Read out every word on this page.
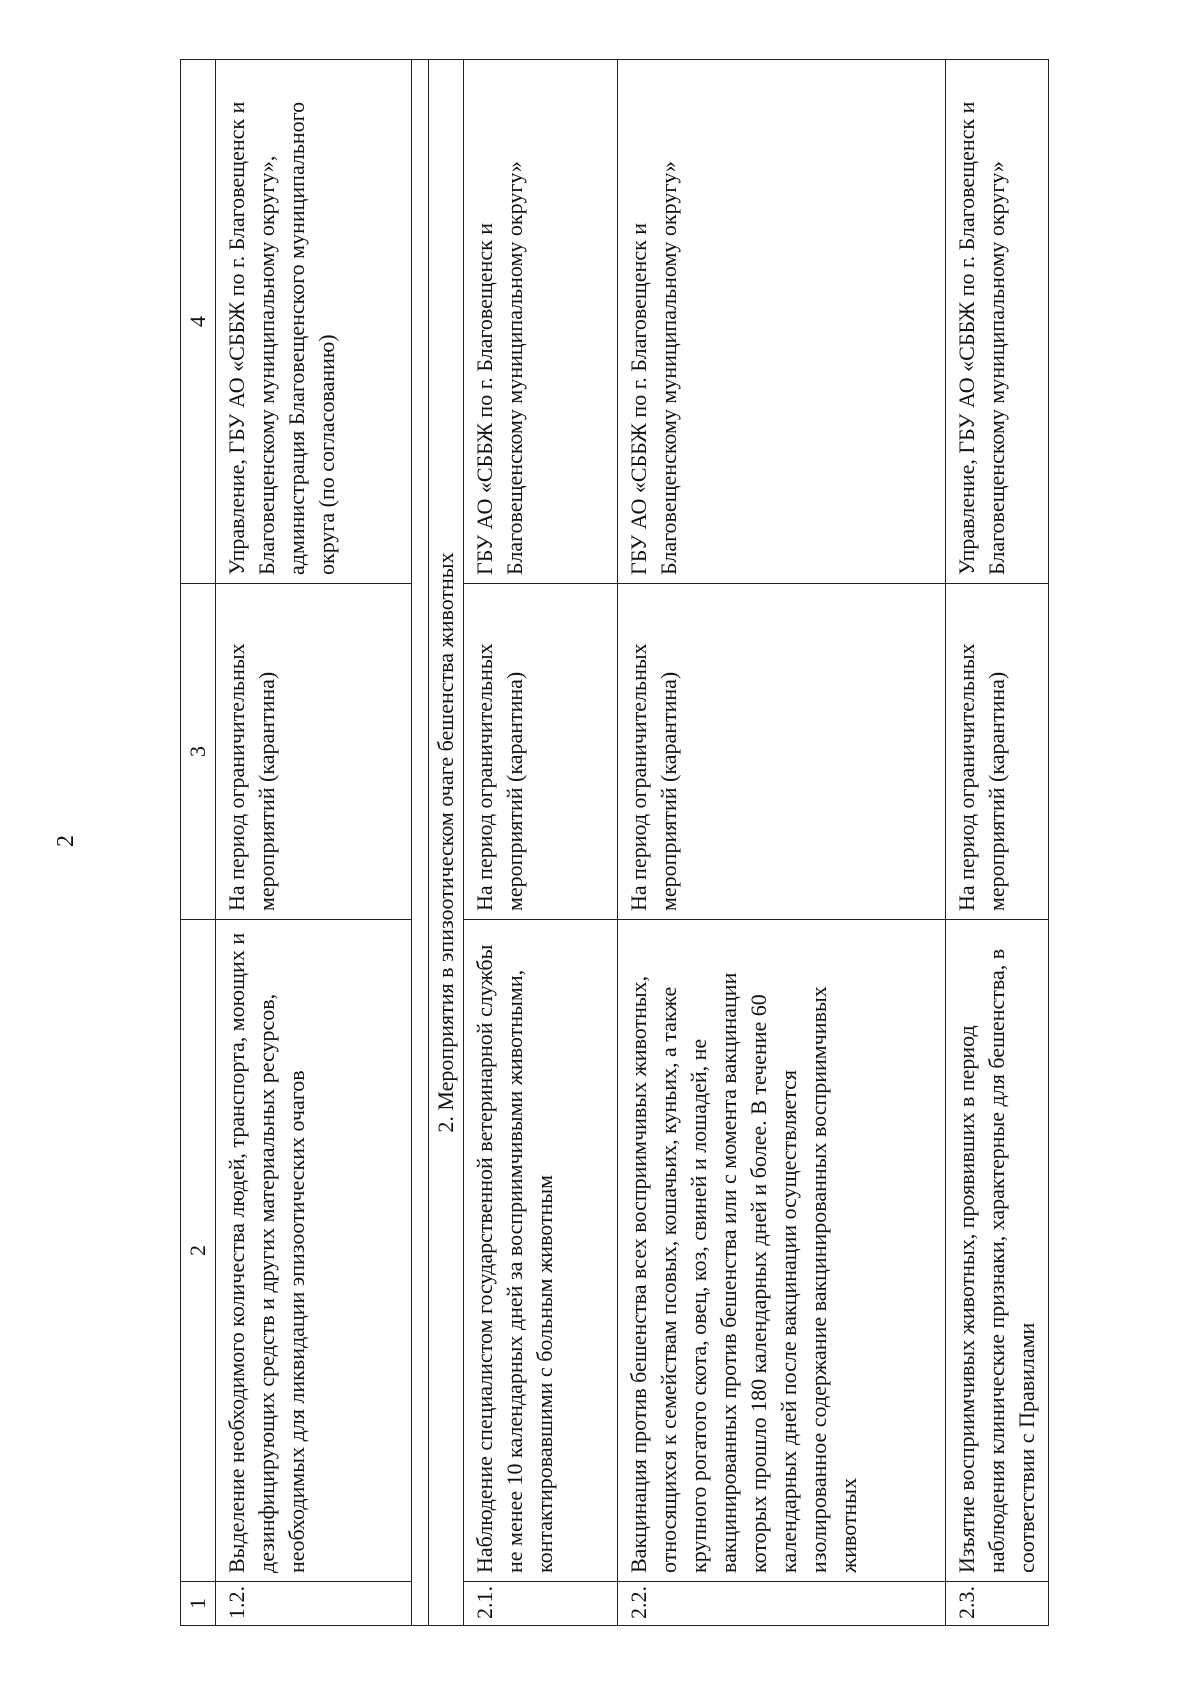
2
1	2	3	4
1.2.	Выделение необходимого количества людей, транспорта, моющих и дезинфицирующих средств и других материальных ресурсов, необходимых для ликвидации эпизоотических очагов	На период ограничительных мероприятий (карантина)	Управление, ГБУ АО «СББЖ по г. Благовещенск и Благовещенскому муниципальному округу», администрация Благовещенского муниципального округа (по согласованию)

2. Мероприятия в эпизоотическом очаге бешенства животных			
2.1.	Наблюдение специалистом государственной ветеринарной службы не менее 10 календарных дней за восприимчивыми животными, контактировавшими с больным животным	На период ограничительных мероприятий (карантина)	ГБУ АО «СББЖ по г. Благовещенск и Благовещенскому муниципальному округу»
2.2.	Вакцинация против бешенства всех восприимчивых животных, относящихся к семействам псовых, кошачьих, куньих, а также крупного рогатого скота, овец, коз, свиней и лошадей, не вакцинированных против бешенства или с момента вакцинации которых прошло 180 календарных дней и более. В течение 60 календарных дней после вакцинации осуществляется изолированное содержание вакцинированных восприимчивых животных	На период ограничительных мероприятий (карантина)	ГБУ АО «СББЖ по г. Благовещенск и Благовещенскому муниципальному округу»
2.3.	Изъятие восприимчивых животных, проявивших в период наблюдения клинические признаки, характерные для бешенства, в соответствии с Правилами	На период ограничительных мероприятий (карантина)	Управление, ГБУ АО «СББЖ по г. Благовещенск и Благовещенскому муниципальному округу»
